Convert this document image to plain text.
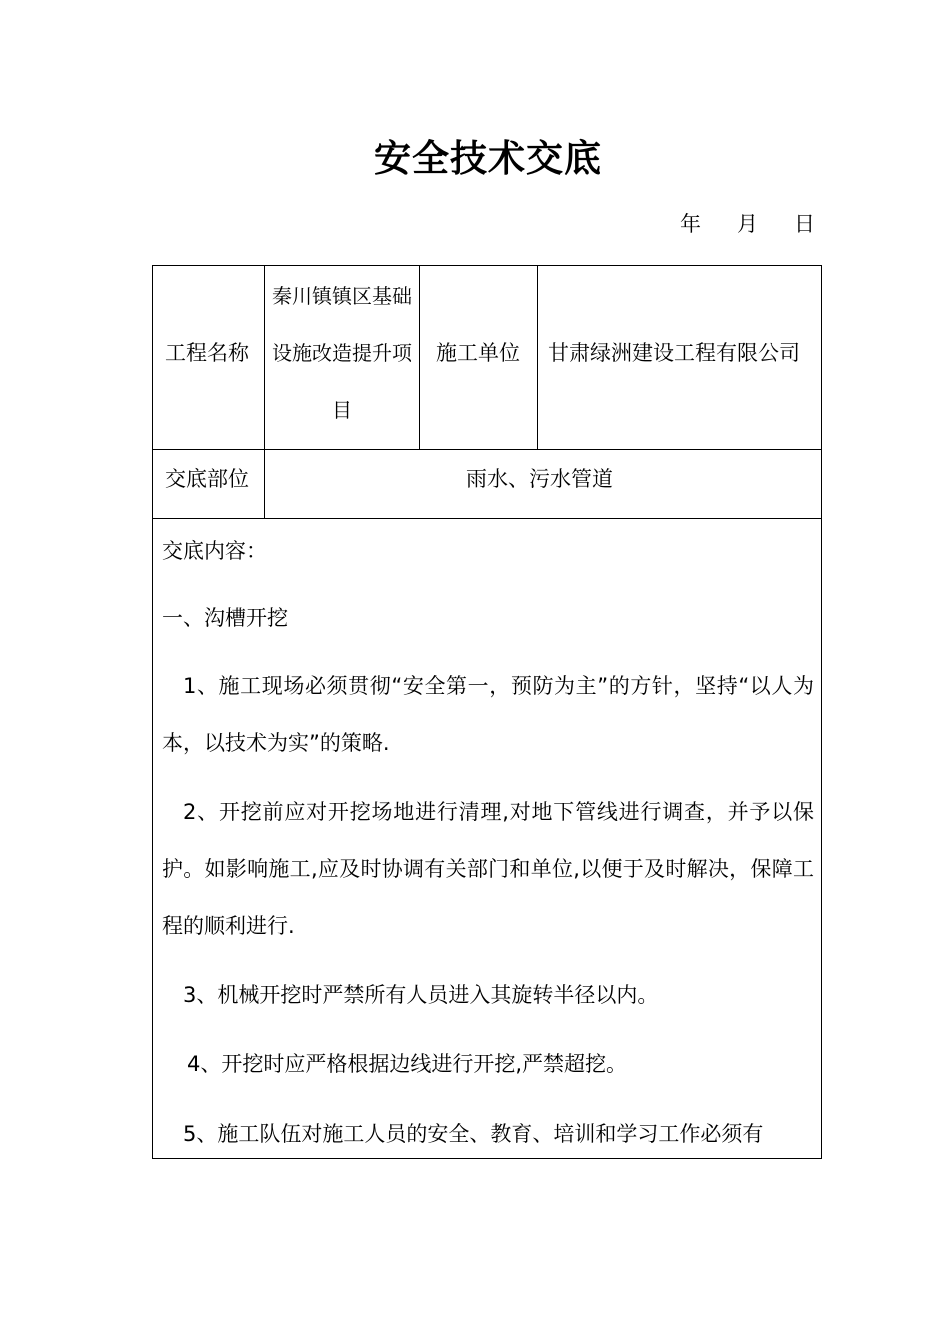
安全技术交底
年 月 日
工程名称
秦川镇镇区基础设施改造提升项目
施工单位 甘肃绿洲建设工程有限公司
交底部位	雨水、污水管道
交底内容：
一、沟槽开挖
1、施工现场必须贯彻“安全第一，预防为主”的方针，坚持“以人为本，以技术为实”的策略.
2、开挖前应对开挖场地进行清理,对地下管线进行调查，并予以保护。如影响施工,应及时协调有关部门和单位,以便于及时解决，保障工程的顺利进行.
3、机械开挖时严禁所有人员进入其旋转半径以内。
4、开挖时应严格根据边线进行开挖,严禁超挖。
5、施工队伍对施工人员的安全、教育、培训和学习工作必须有
